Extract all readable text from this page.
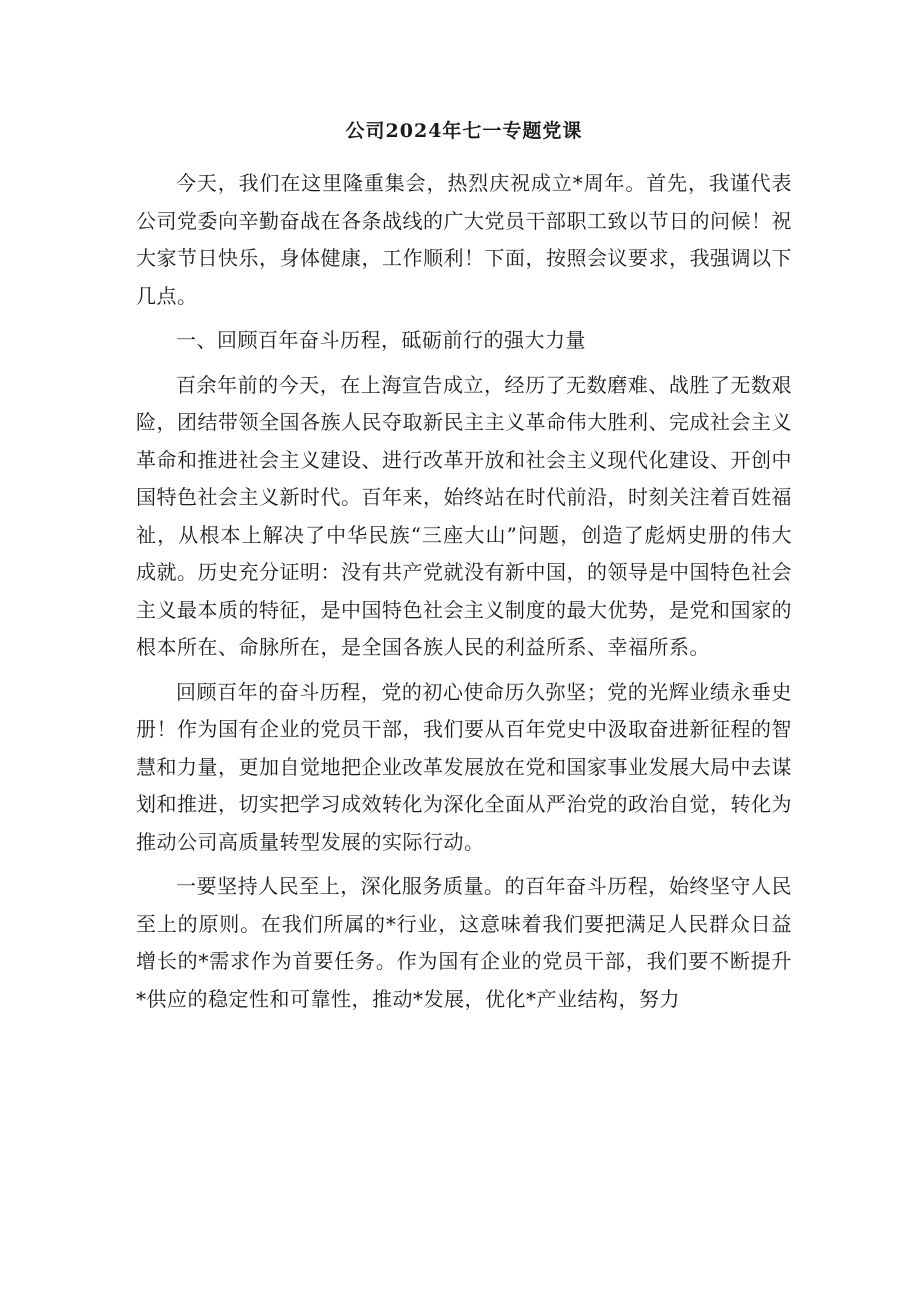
公司2024年七一专题党课

今天，我们在这里隆重集会，热烈庆祝成立*周年。首先，我谨代表公司党委向辛勤奋战在各条战线的广大党员干部职工致以节日的问候！祝大家节日快乐，身体健康，工作顺利！下面，按照会议要求，我强调以下几点。

一、回顾百年奋斗历程，砥砺前行的强大力量

百余年前的今天，在上海宣告成立，经历了无数磨难、战胜了无数艰险，团结带领全国各族人民夺取新民主主义革命伟大胜利、完成社会主义革命和推进社会主义建设、进行改革开放和社会主义现代化建设、开创中国特色社会主义新时代。百年来，始终站在时代前沿，时刻关注着百姓福祉，从根本上解决了中华民族“三座大山”问题，创造了彪炳史册的伟大成就。历史充分证明：没有共产党就没有新中国，的领导是中国特色社会主义最本质的特征，是中国特色社会主义制度的最大优势，是党和国家的根本所在、命脉所在，是全国各族人民的利益所系、幸福所系。

回顾百年的奋斗历程，党的初心使命历久弥坚；党的光辉业绩永垂史册！作为国有企业的党员干部，我们要从百年党史中汲取奋进新征程的智慧和力量，更加自觉地把企业改革发展放在党和国家事业发展大局中去谋划和推进，切实把学习成效转化为深化全面从严治党的政治自觉，转化为推动公司高质量转型发展的实际行动。

一要坚持人民至上，深化服务质量。的百年奋斗历程，始终坚守人民至上的原则。在我们所属的*行业，这意味着我们要把满足人民群众日益增长的*需求作为首要任务。作为国有企业的党员干部，我们要不断提升*供应的稳定性和可靠性，推动*发展，优化*产业结构，努力
